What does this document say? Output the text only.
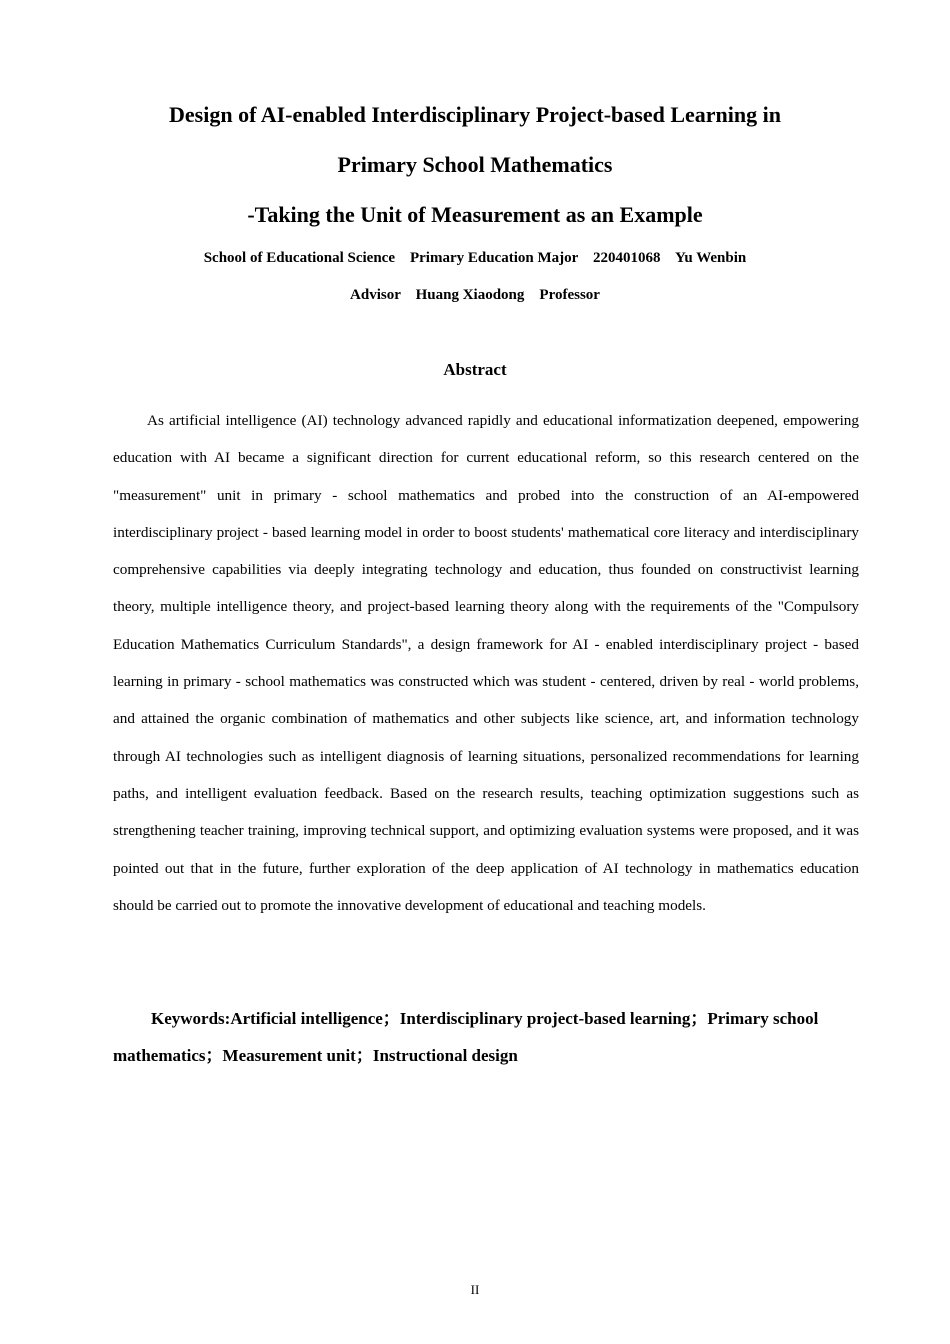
Design of AI-enabled Interdisciplinary Project-based Learning in
Primary School Mathematics
-Taking the Unit of Measurement as an Example
School of Educational Science    Primary Education Major    220401068    Yu Wenbin
Advisor    Huang Xiaodong    Professor
Abstract

As artificial intelligence (AI) technology advanced rapidly and educational informatization deepened, empowering education with AI became a significant direction for current educational reform, so this research centered on the "measurement" unit in primary - school mathematics and probed into the construction of an AI-empowered interdisciplinary project - based learning model in order to boost students' mathematical core literacy and interdisciplinary comprehensive capabilities via deeply integrating technology and education, thus founded on constructivist learning theory, multiple intelligence theory, and project-based learning theory along with the requirements of the "Compulsory Education Mathematics Curriculum Standards", a design framework for AI - enabled interdisciplinary project - based learning in primary - school mathematics was constructed which was student - centered, driven by real - world problems, and attained the organic combination of mathematics and other subjects like science, art, and information technology through AI technologies such as intelligent diagnosis of learning situations, personalized recommendations for learning paths, and intelligent evaluation feedback. Based on the research results, teaching optimization suggestions such as strengthening teacher training, improving technical support, and optimizing evaluation systems were proposed, and it was pointed out that in the future, further exploration of the deep application of AI technology in mathematics education should be carried out to promote the innovative development of educational and teaching models.

Keywords:Artificial intelligence；Interdisciplinary project-based learning；Primary school mathematics；Measurement unit；Instructional design

II
